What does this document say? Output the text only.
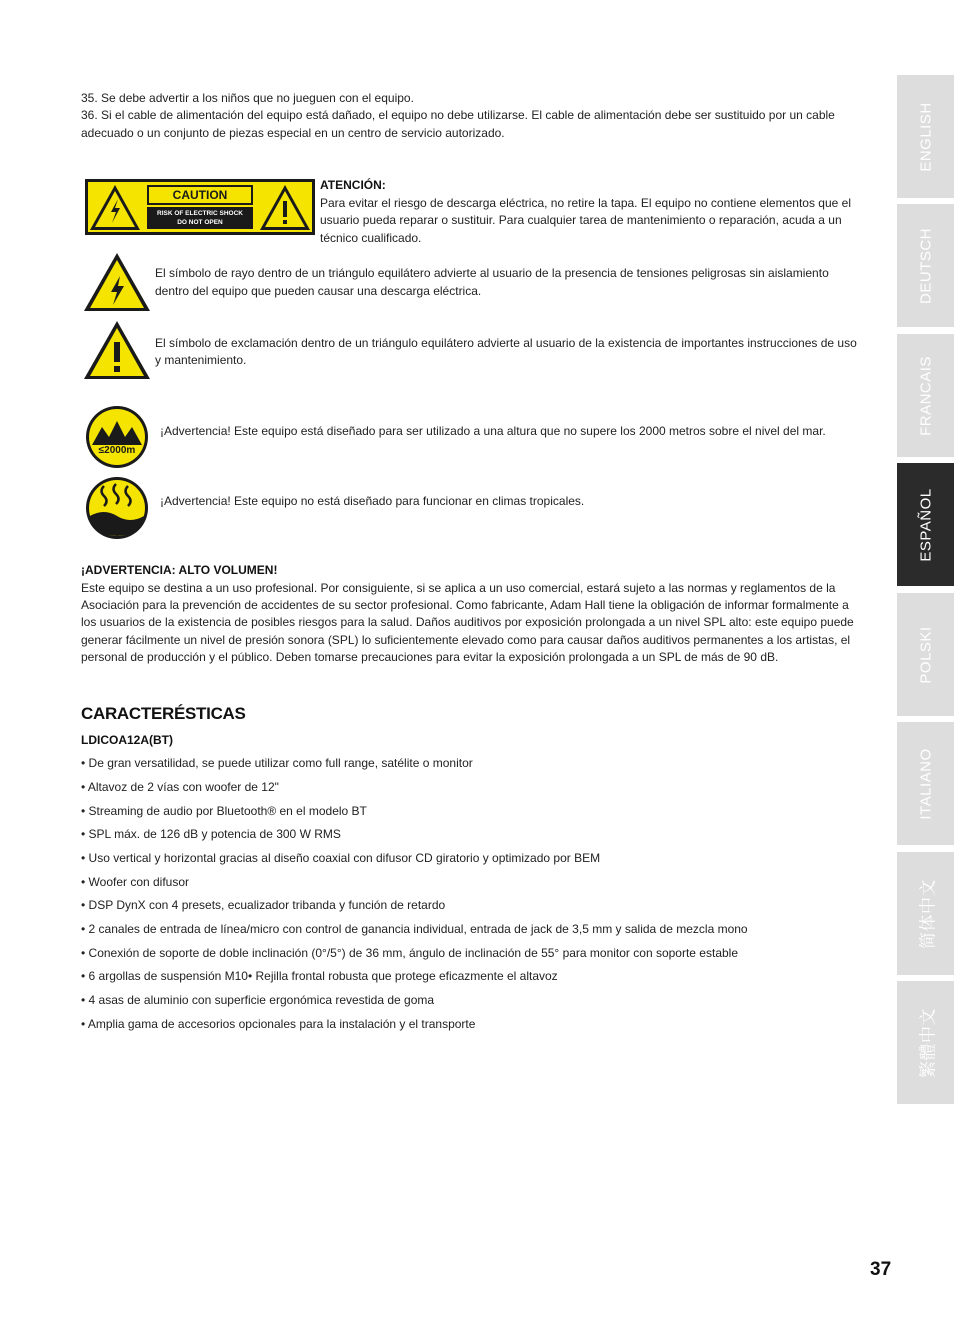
35. Se debe advertir a los niños que no jueguen con el equipo.
36. Si el cable de alimentación del equipo está dañado, el equipo no debe utilizarse. El cable de alimentación debe ser sustituido por un cable
adecuado o un conjunto de piezas especial en un centro de servicio autorizado.
CAUTION
RISK OF ELECTRIC SHOCK
DO NOT OPEN
ATENCIÓN:
Para evitar el riesgo de descarga eléctrica, no retire la tapa. El equipo no contiene elementos que el
usuario pueda reparar o sustituir. Para cualquier tarea de mantenimiento o reparación, acuda a un
técnico cualificado.
El símbolo de rayo dentro de un triángulo equilátero advierte al usuario de la presencia de tensiones peligrosas sin aislamiento
dentro del equipo que pueden causar una descarga eléctrica.
El símbolo de exclamación dentro de un triángulo equilátero advierte al usuario de la existencia de importantes instrucciones de uso
y mantenimiento.
≤2000m
¡Advertencia! Este equipo está diseñado para ser utilizado a una altura que no supere los 2000 metros sobre el nivel del mar.
¡Advertencia! Este equipo no está diseñado para funcionar en climas tropicales.
¡ADVERTENCIA: ALTO VOLUMEN!
Este equipo se destina a un uso profesional. Por consiguiente, si se aplica a un uso comercial, estará sujeto a las normas y reglamentos de la
Asociación para la prevención de accidentes de su sector profesional. Como fabricante, Adam Hall tiene la obligación de informar formalmente a
los usuarios de la existencia de posibles riesgos para la salud. Daños auditivos por exposición prolongada a un nivel SPL alto: este equipo puede
generar fácilmente un nivel de presión sonora (SPL) lo suficientemente elevado como para causar daños auditivos permanentes a los artistas, el
personal de producción y el público. Deben tomarse precauciones para evitar la exposición prolongada a un SPL de más de 90 dB.
CARACTERÉSTICAS
LDICOA12A(BT)
• De gran versatilidad, se puede utilizar como full range, satélite o monitor
• Altavoz de 2 vías con woofer de 12"
• Streaming de audio por Bluetooth® en el modelo BT
• SPL máx. de 126 dB y potencia de 300 W RMS
• Uso vertical y horizontal gracias al diseño coaxial con difusor CD giratorio y optimizado por BEM
• Woofer con difusor
• DSP DynX con 4 presets, ecualizador tribanda y función de retardo
• 2 canales de entrada de línea/micro con control de ganancia individual, entrada de jack de 3,5 mm y salida de mezcla mono
• Conexión de soporte de doble inclinación (0°/5°) de 36 mm, ángulo de inclinación de 55° para monitor con soporte estable
• 6 argollas de suspensión M10• Rejilla frontal robusta que protege eficazmente el altavoz
• 4 asas de aluminio con superficie ergonómica revestida de goma
• Amplia gama de accesorios opcionales para la instalación y el transporte
ENGLISH
DEUTSCH
FRANCAIS
ESPAÑOL
POLSKI
ITALIANO
简体中文
繁體中文
37
